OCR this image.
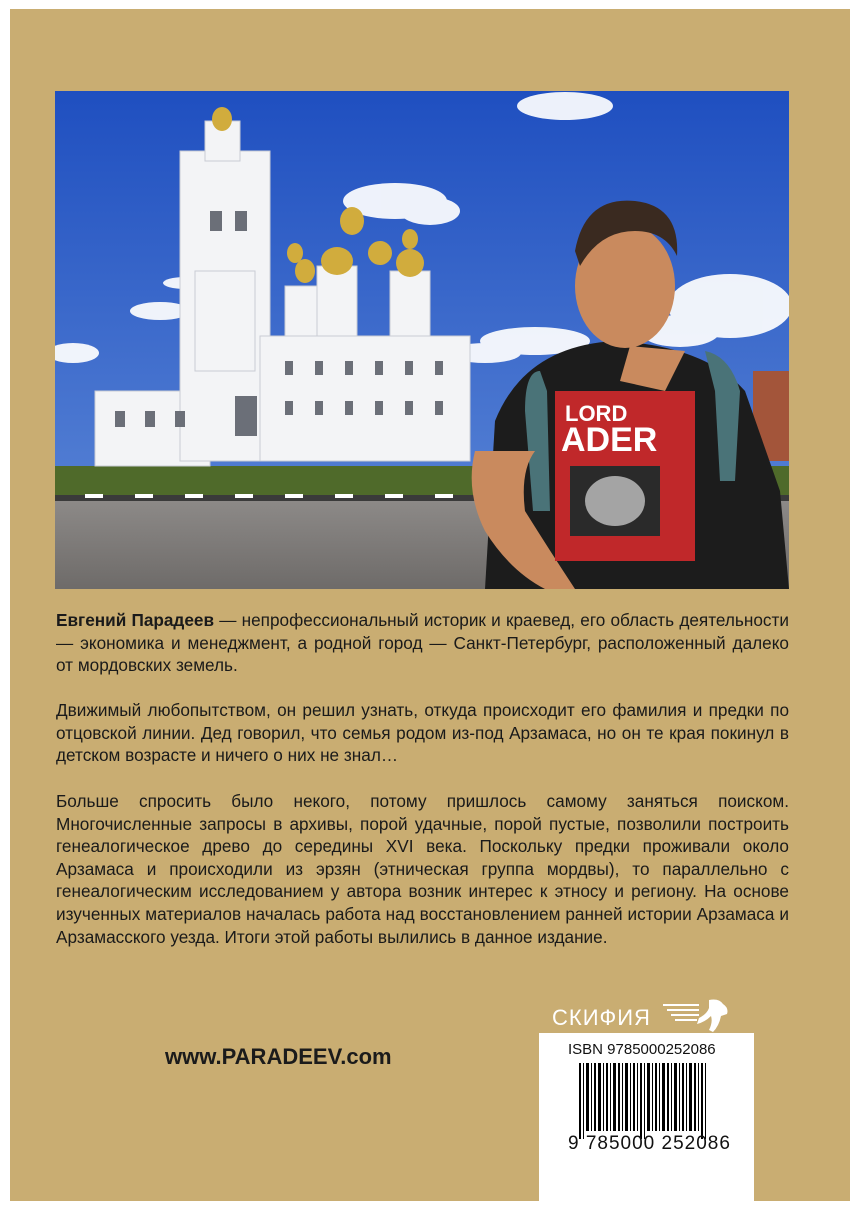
LORD
ADER
Евгений Парадеев — непрофессиональный историк и краевед, его область деятельности — экономика и менеджмент, а родной город — Санкт-Петербург, расположенный далеко от мордовских земель.
Движимый любопытством, он решил узнать, откуда происходит его фамилия и предки по отцовской линии. Дед говорил, что семья родом из-под Арзамаса, но он те края покинул в детском возрасте и ничего о них не знал…
Больше спросить было некого, потому пришлось самому заняться поиском. Многочисленные запросы в архивы, порой удачные, порой пустые, позволили построить генеалогическое древо до середины XVI века. Поскольку предки проживали около Арзамаса и происходили из эрзян (этническая группа мордвы), то параллельно с генеалогическим исследованием у автора возник интерес к этносу и региону. На основе изученных материалов началась работа над восстановлением ранней истории Арзамаса и Арзамасского уезда. Итоги этой работы вылились в данное издание.
www.PARADEEV.com
СКИФИЯ
ISBN 9785000252086
9 785000 252086
